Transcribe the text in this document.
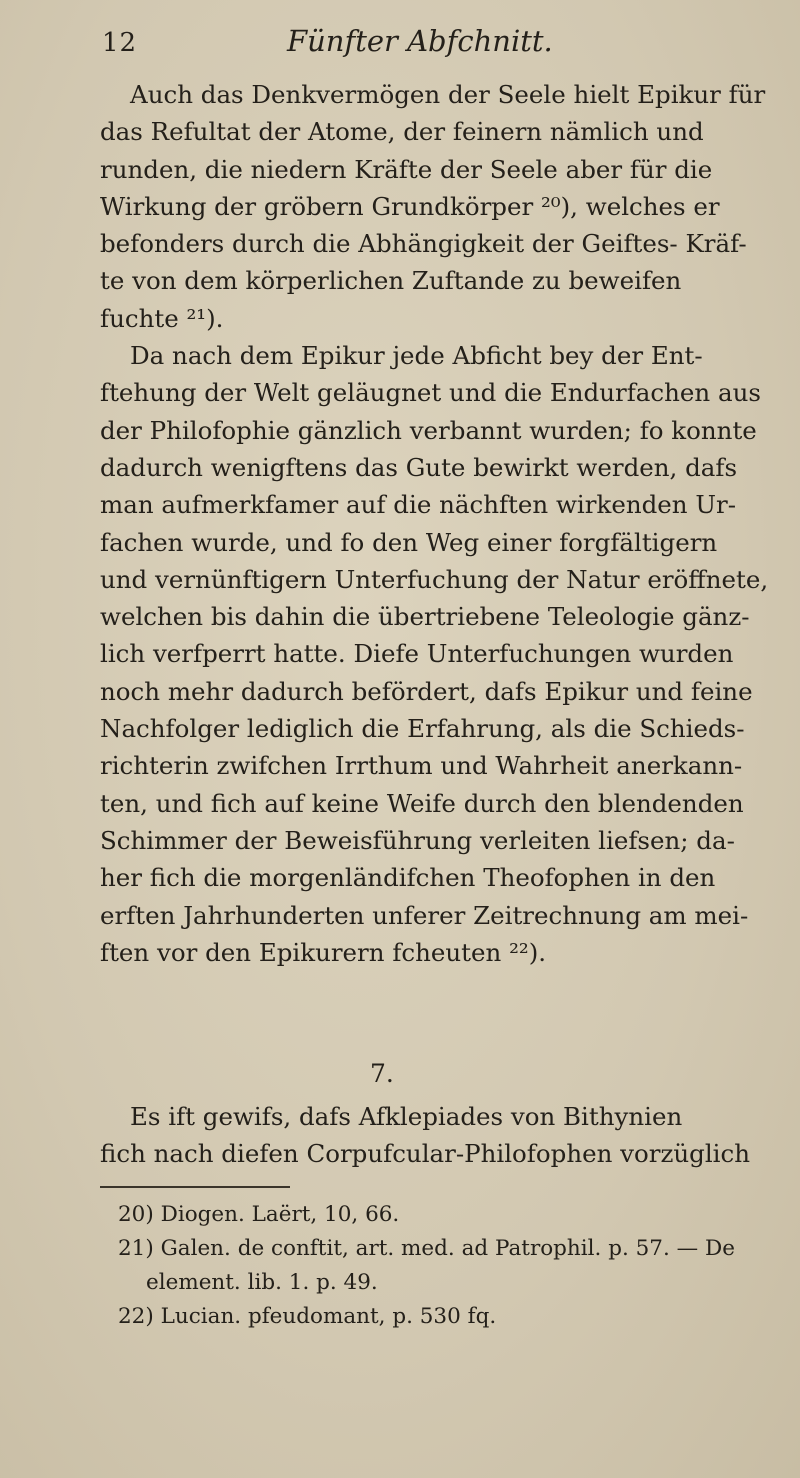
12	Fünfter Abfchnitt.
Auch das Denkvermögen der Seele hielt Epikur für
das Refultat der Atome, der feinern nämlich und
runden, die niedern Kräfte der Seele aber für die
Wirkung der gröbern Grundkörper ²⁰), welches er
befonders durch die Abhängigkeit der Geiftes- Kräf-
te von dem körperlichen Zuftande zu beweifen
fuchte ²¹).
Da nach dem Epikur jede Abficht bey der Ent-
ftehung der Welt geläugnet und die Endurfachen aus
der Philofophie gänzlich verbannt wurden; fo konnte
dadurch wenigftens das Gute bewirkt werden, dafs
man aufmerkfamer auf die nächften wirkenden Ur-
fachen wurde, und fo den Weg einer forgfältigern
und vernünftigern Unterfuchung der Natur eröffnete,
welchen bis dahin die übertriebene Teleologie gänz-
lich verfperrt hatte. Diefe Unterfuchungen wurden
noch mehr dadurch befördert, dafs Epikur und feine
Nachfolger lediglich die Erfahrung, als die Schieds-
richterin zwifchen Irrthum und Wahrheit anerkann-
ten, und fich auf keine Weife durch den blendenden
Schimmer der Beweisführung verleiten liefsen; da-
her fich die morgenländifchen Theofophen in den
erften Jahrhunderten unferer Zeitrechnung am mei-
ften vor den Epikurern fcheuten ²²).
7.
Es ift gewifs, dafs Afklepiades von Bithynien
fich nach diefen Corpufcular-Philofophen vorzüglich
20) Diogen. Laërt, 10, 66.
21) Galen. de conftit, art. med. ad Patrophil. p. 57. — De
element. lib. 1. p. 49.
22) Lucian. pfeudomant, p. 530 fq.
